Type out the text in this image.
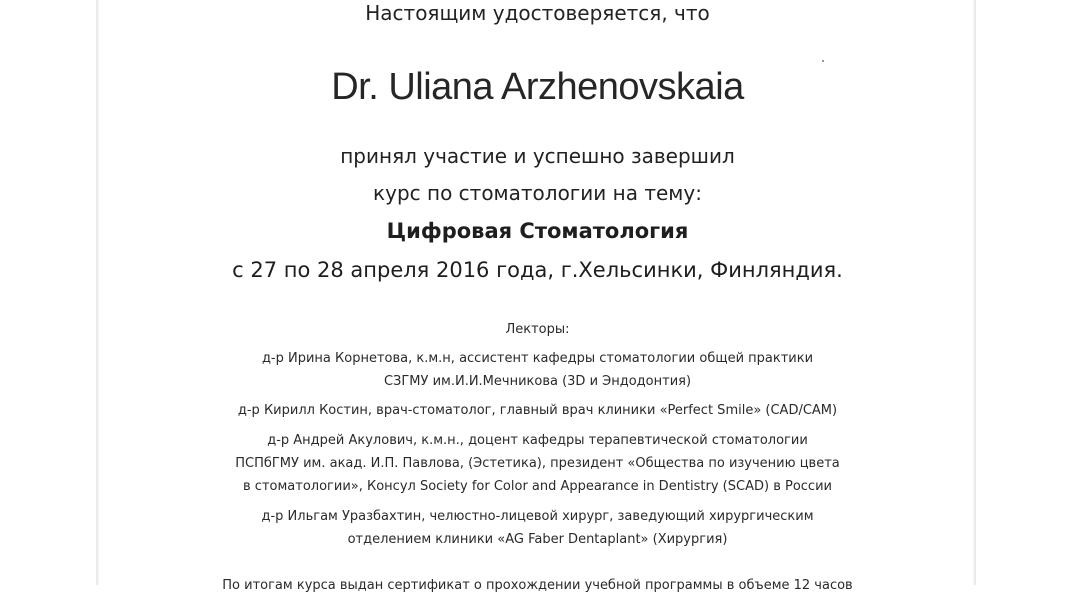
Настоящим удостоверяется, что
Dr. Uliana Arzhenovskaia
принял участие и успешно завершил
курс по стоматологии на тему:
Цифровая Стоматология
с 27 по 28 апреля 2016 года, г.Хельсинки, Финляндия.
Лекторы:
д-р Ирина Корнетова, к.м.н, ассистент кафедры стоматологии общей практики
СЗГМУ им.И.И.Мечникова (3D и Эндодонтия)
д-р Кирилл Костин, врач-стоматолог, главный врач клиники «Perfect Smile» (CAD/CAM)
д-р Андрей Акулович, к.м.н., доцент кафедры терапевтической стоматологии
ПСПбГМУ им. акад. И.П. Павлова, (Эстетика), президент «Общества по изучению цвета
в стоматологии», Консул Society for Color and Appearance in Dentistry (SCAD) в России
д-р Ильгам Уразбахтин, челюстно-лицевой хирург, заведующий хирургическим
отделением клиники «AG Faber Dentaplant» (Хирургия)
По итогам курса выдан сертификат о прохождении учебной программы в объеме 12 часов
